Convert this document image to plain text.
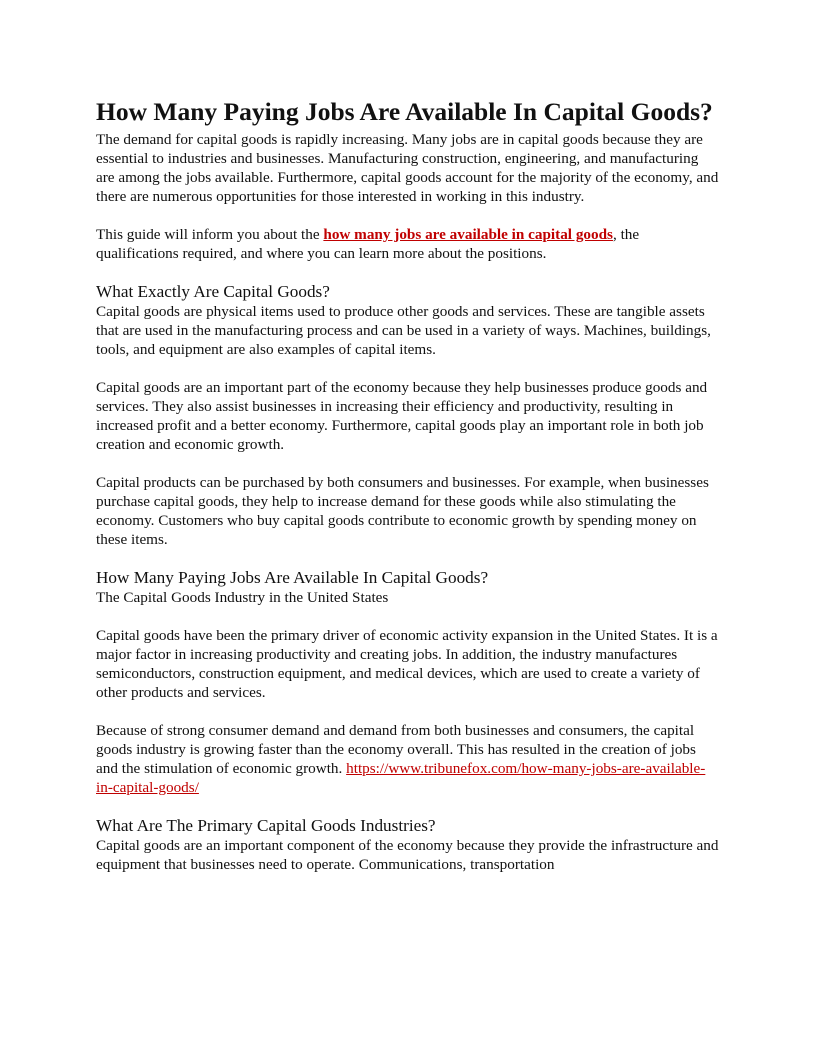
How Many Paying Jobs Are Available In Capital Goods?

The demand for capital goods is rapidly increasing. Many jobs are in capital goods because they are essential to industries and businesses. Manufacturing construction, engineering, and manufacturing are among the jobs available. Furthermore, capital goods account for the majority of the economy, and there are numerous opportunities for those interested in working in this industry.

This guide will inform you about the how many jobs are available in capital goods, the qualifications required, and where you can learn more about the positions.

What Exactly Are Capital Goods?

Capital goods are physical items used to produce other goods and services. These are tangible assets that are used in the manufacturing process and can be used in a variety of ways. Machines, buildings, tools, and equipment are also examples of capital items.

Capital goods are an important part of the economy because they help businesses produce goods and services. They also assist businesses in increasing their efficiency and productivity, resulting in increased profit and a better economy. Furthermore, capital goods play an important role in both job creation and economic growth.

Capital products can be purchased by both consumers and businesses. For example, when businesses purchase capital goods, they help to increase demand for these goods while also stimulating the economy. Customers who buy capital goods contribute to economic growth by spending money on these items.

How Many Paying Jobs Are Available In Capital Goods?

The Capital Goods Industry in the United States

Capital goods have been the primary driver of economic activity expansion in the United States. It is a major factor in increasing productivity and creating jobs. In addition, the industry manufactures semiconductors, construction equipment, and medical devices, which are used to create a variety of other products and services.

Because of strong consumer demand and demand from both businesses and consumers, the capital goods industry is growing faster than the economy overall. This has resulted in the creation of jobs and the stimulation of economic growth. https://www.tribunefox.com/how-many-jobs-are-available-in-capital-goods/

What Are The Primary Capital Goods Industries?

Capital goods are an important component of the economy because they provide the infrastructure and equipment that businesses need to operate. Communications, transportation
